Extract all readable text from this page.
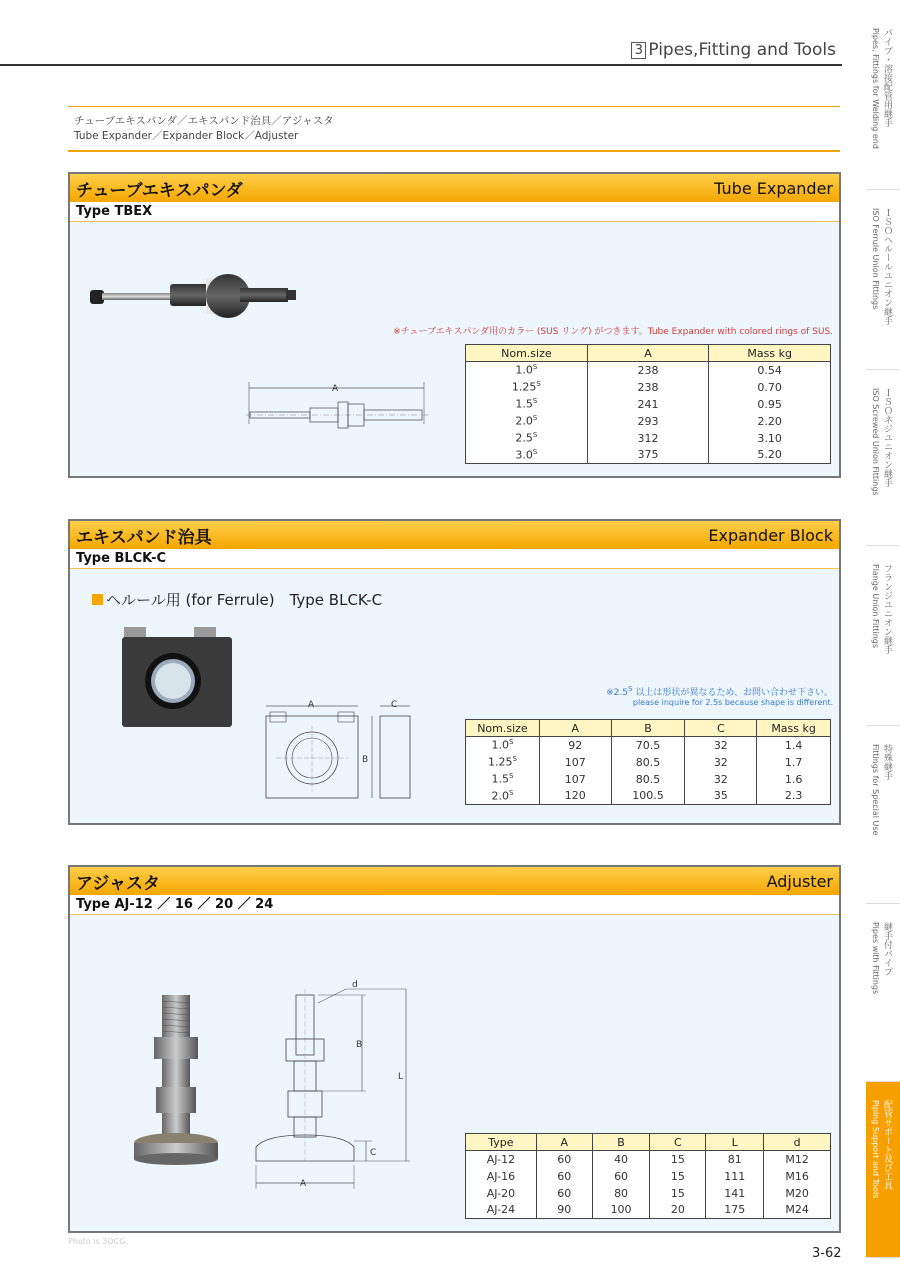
3 Pipes,Fitting and Tools
チューブエキスパンダ／エキスパンド治具／アジャスタ
Tube Expander／Expander Block／Adjuster
パイプ・溶接配管用継手
Pipes, Fittings for Welding end
ＩＳＯヘルールユニオン継手
ISO Ferrule Union Fittings
ＩＳＯネジユニオン継手
ISO Screwed Union Fittings
フランジユニオン継手
Flange Union Fittings
特殊継手
Fittings for Special Use
継手付パイプ
Pipes with Fittings
配管サポート及び工具
Piping Support and Tools
チューブエキスパンダ	Tube Expander
Type TBEX
A
※チューブエキスパンダ用のカラー (SUS リング) がつきます。Tube Expander with colored rings of SUS.
Nom.size	A	Mass kg
$1.0^S$	238	0.54
$1.25^S$	238	0.70
$1.5^S$	241	0.95
$2.0^S$	293	2.20
$2.5^S$	312	3.10
$3.0^S$	375	5.20
エキスパンド治具	Expander Block
Type BLCK-C
ヘルール用 (for Ferrule)　Type BLCK-C
A
B
C
$※2.5^S$ 以上は形状が異なるため、お問い合わせ下さい。
please inquire for 2.5s because shape is different.
Nom.size	A	B	C	Mass kg
$1.0^S$	92	70.5	32	1.4
$1.25^S$	107	80.5	32	1.7
$1.5^S$	107	80.5	32	1.6
$2.0^S$	120	100.5	35	2.3
アジャスタ	Adjuster
Type AJ-12 ／ 16 ／ 20 ／ 24
d
B
L
C
A
Type	A	B	C	L	d
AJ-12	60	40	15	81	M12
AJ-16	60	60	15	111	M16
AJ-20	60	80	15	141	M20
AJ-24	90	100	20	175	M24
Photo is 3OCG.
3-62
